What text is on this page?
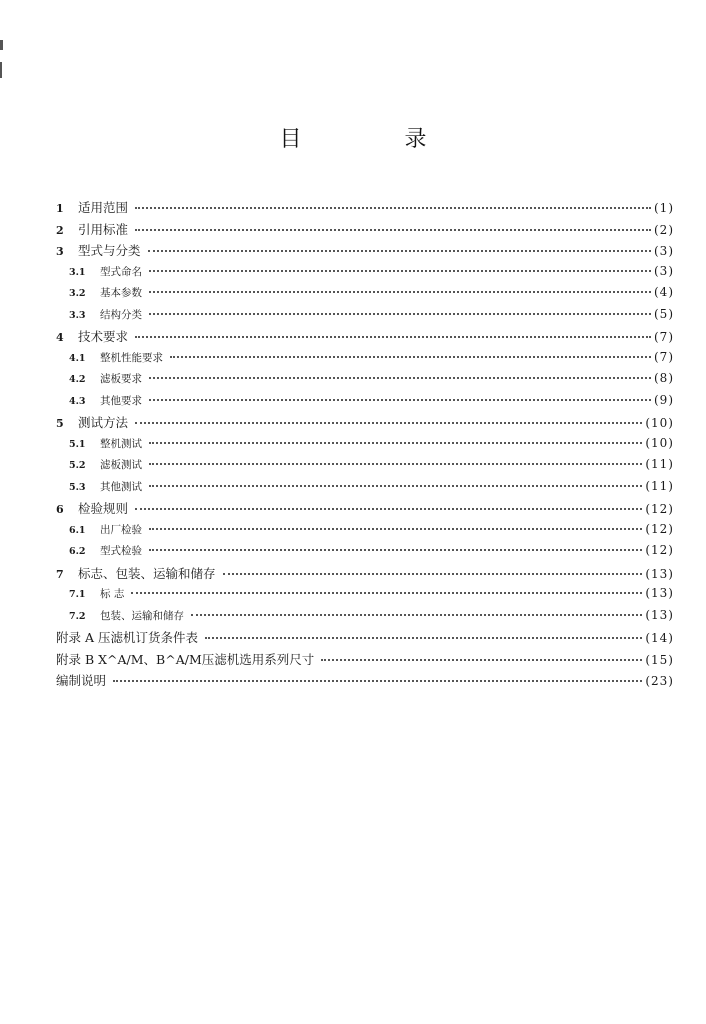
目 录
1	适用范围	(1)
2	引用标准	(2)
3	型式与分类	(3)
3.1	型式命名	(3)
3.2	基本参数	(4)
3.3	结构分类	(5)
4	技术要求	(7)
4.1	整机性能要求	(7)
4.2	滤板要求	(8)
4.3	其他要求	(9)
5	测试方法	(10)
5.1	整机测试	(10)
5.2	滤板测试	(11)
5.3	其他测试	(11)
6	检验规则	(12)
6.1	出厂检验	(12)
6.2	型式检验	(12)
7	标志、包装、运输和储存	(13)
7.1	标 志	(13)
7.2	包装、运输和储存	(13)
附录 A 压滤机订货条件表	(14)
附录 B X^A/M、B^A/M压滤机选用系列尺寸	(15)
编制说明	(23)
